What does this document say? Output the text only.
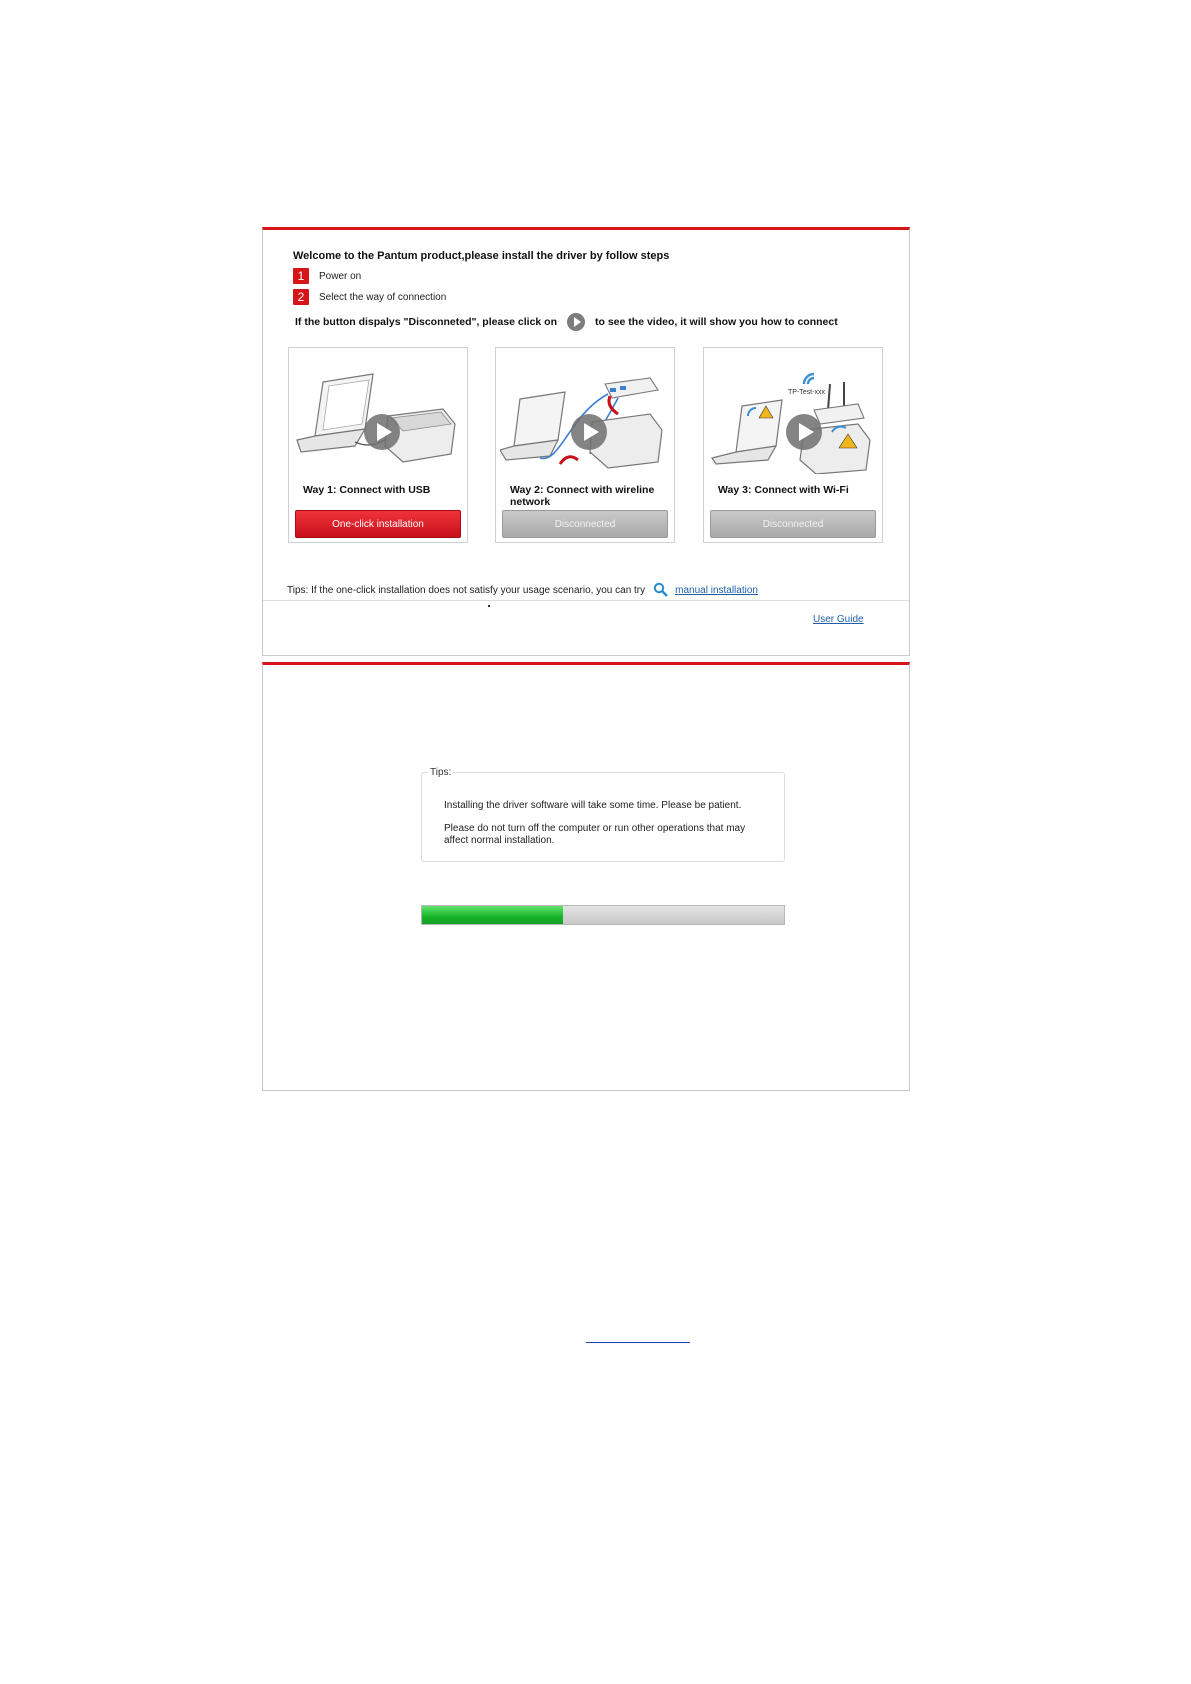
Welcome to the Pantum product,please install the driver by follow steps
1	Power on
2	Select the way of connection
If the button dispalys "Disconneted", please click on	to see the video, it will show you how to connect
Way 1: Connect with USB
One-click installation
Way 2: Connect with wireline network
Disconnected
TP-Test-xxx
Way 3: Connect with Wi-Fi
Disconnected
Tips: If the one-click installation does not satisfy your usage scenario, you can try	manual installation
User Guide
Tips:
Installing the driver software will take some time. Please be patient.
Please do not turn off the computer or run other operations that may affect normal installation.
